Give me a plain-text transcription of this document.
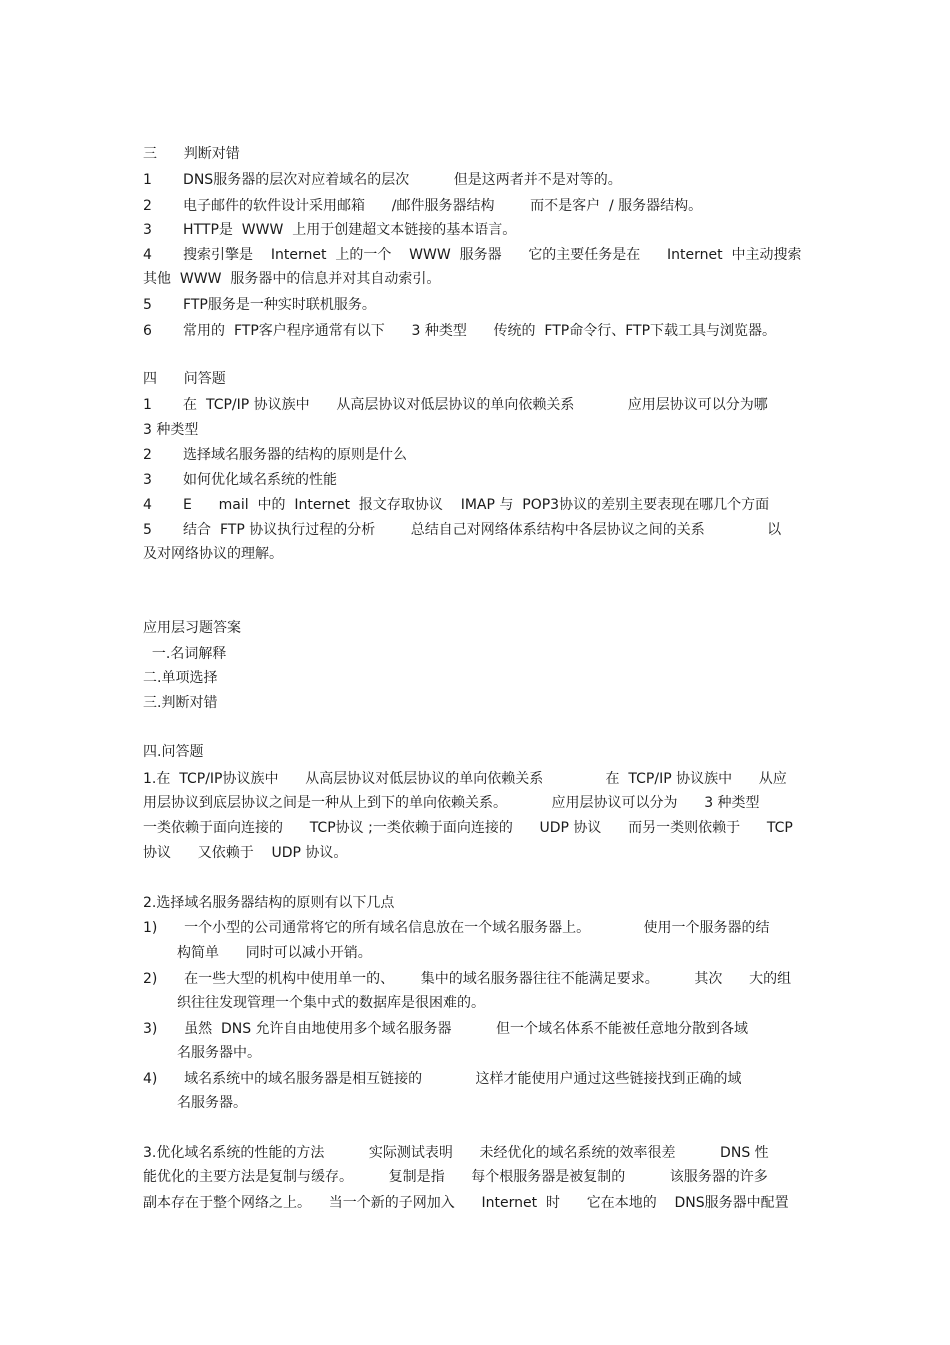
三      判断对错
1       DNS服务器的层次对应着域名的层次          但是这两者并不是对等的。
2       电子邮件的软件设计采用邮箱      /邮件服务器结构        而不是客户  / 服务器结构。
3       HTTP是  WWW  上用于创建超文本链接的基本语言。
4       搜索引擎是    Internet  上的一个    WWW  服务器      它的主要任务是在      Internet  中主动搜索
其他  WWW  服务器中的信息并对其自动索引。
5       FTP服务是一种实时联机服务。
6       常用的  FTP客户程序通常有以下      3 种类型      传统的  FTP命令行、FTP下载工具与浏览器。
四      问答题
1       在  TCP/IP 协议族中      从高层协议对低层协议的单向依赖关系            应用层协议可以分为哪
3 种类型
2       选择域名服务器的结构的原则是什么
3       如何优化域名系统的性能
4       E      mail  中的  Internet  报文存取协议    IMAP 与  POP3协议的差别主要表现在哪几个方面
5       结合  FTP 协议执行过程的分析        总结自己对网络体系结构中各层协议之间的关系              以
及对网络协议的理解。
应用层习题答案
一.名词解释
二.单项选择
三.判断对错
四.问答题
1.在  TCP/IP协议族中      从高层协议对低层协议的单向依赖关系              在  TCP/IP 协议族中      从应
用层协议到底层协议之间是一种从上到下的单向依赖关系。          应用层协议可以分为      3 种类型
一类依赖于面向连接的      TCP协议 ;一类依赖于面向连接的      UDP 协议      而另一类则依赖于      TCP
协议      又依赖于    UDP 协议。
2.选择域名服务器结构的原则有以下几点
1)      一个小型的公司通常将它的所有域名信息放在一个域名服务器上。            使用一个服务器的结
构简单      同时可以减小开销。
2)      在一些大型的机构中使用单一的、      集中的域名服务器往往不能满足要求。        其次      大的组
织往往发现管理一个集中式的数据库是很困难的。
3)      虽然  DNS 允许自由地使用多个域名服务器          但一个域名体系不能被任意地分散到各域
名服务器中。
4)      域名系统中的域名服务器是相互链接的            这样才能使用户通过这些链接找到正确的域
名服务器。
3.优化域名系统的性能的方法          实际测试表明      未经优化的域名系统的效率很差          DNS 性
能优化的主要方法是复制与缓存。        复制是指      每个根服务器是被复制的          该服务器的许多
副本存在于整个网络之上。    当一个新的子网加入      Internet  时      它在本地的    DNS服务器中配置
